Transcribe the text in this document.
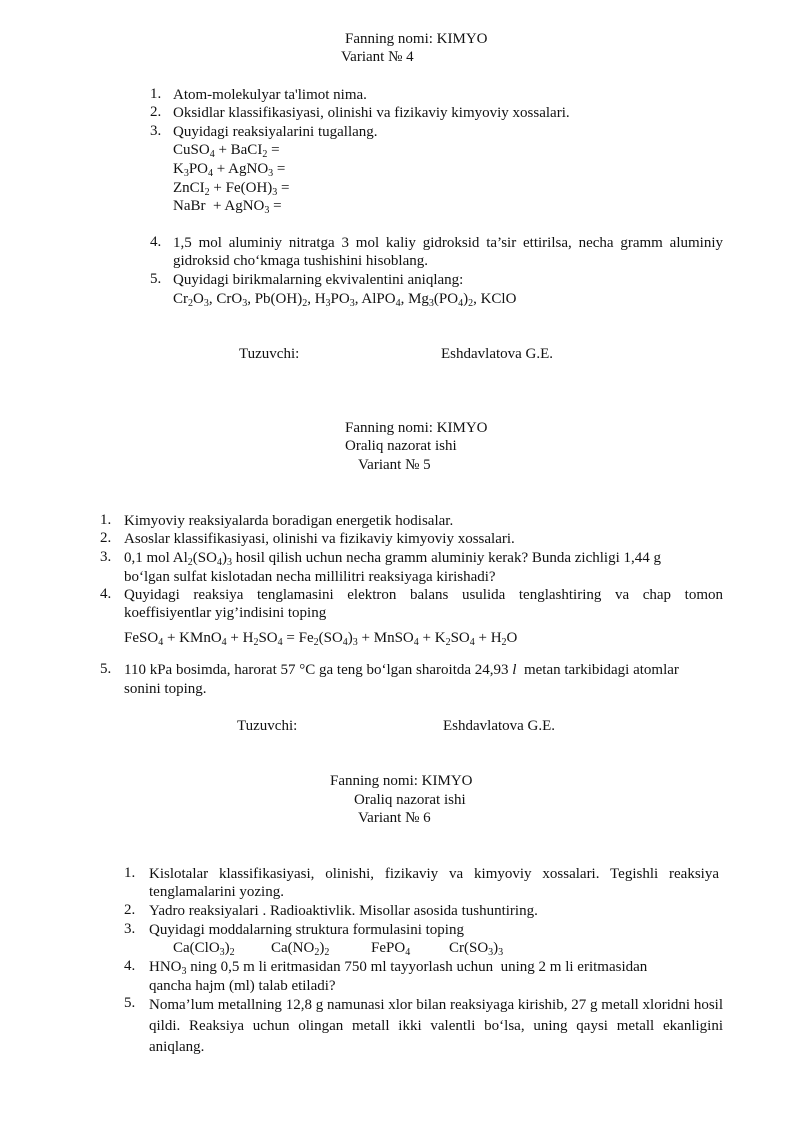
Fanning nomi: KIMYO
Variant № 4
1. Atom-molekulyar ta'limot nima.
2. Oksidlar klassifikasiyasi, olinishi va fizikaviy kimyoviy xossalari.
3. Quyidagi reaksiyalarini tugallang.
CuSO$_4$ + BaCI$_2$ =
$K_3PO_4$ + AgNO$_3$ =
ZnCI$_2$ + $Fe(OH)_3$ =
NaBr  + AgNO$_3$ =
4. 1,5 mol aluminiy nitratga 3 mol kaliy gidroksid ta’sir ettirilsa, necha gramm aluminiy gidroksid cho‘kmaga tushishini hisoblang.
5. Quyidagi birikmalarning ekvivalentini aniqlang:
$Cr_2O_3$, CrO$_3$, $Pb(OH)_2$, $H_3PO_3$, AlPO$_4$, $Mg_3(PO_4)_2$, KClO
Tuzuvchi:	Eshdavlatova G.E.
Fanning nomi: KIMYO
Oraliq nazorat ishi
Variant № 5
1. Kimyoviy reaksiyalarda boradigan energetik hodisalar.
2. Asoslar klassifikasiyasi, olinishi va fizikaviy kimyoviy xossalari.
3. 0,1 mol $Al_2(SO_4)_3$ hosil qilish uchun necha gramm aluminiy kerak? Bunda zichligi 1,44 g
bo‘lgan sulfat kislotadan necha millilitri reaksiyaga kirishadi?
4. Quyidagi reaksiya tenglamasini elektron balans usulida tenglashtiring va chap tomon koeffisiyentlar yig’indisini toping
FeSO$_4$ + KMnO$_4$ + $H_2SO_4 = Fe_2(SO_4)_3$ + MnSO$_4$ + $K_2SO_4 + H_2O$
5. 110 kPa bosimda, harorat 57 °C ga teng bo‘lgan sharoitda 24,93 l  metan tarkibidagi atomlar
sonini toping.
Tuzuvchi:	Eshdavlatova G.E.
Fanning nomi: KIMYO
Oraliq nazorat ishi
Variant № 6
1. Kislotalar klassifikasiyasi, olinishi, fizikaviy va kimyoviy xossalari. Tegishli reaksiya tenglamalarini yozing.
2. Yadro reaksiyalari . Radioaktivlik. Misollar asosida tushuntiring.
3. Quyidagi moddalarning struktura formulasini toping
$Ca(ClO_3)_2$ $Ca(NO_2)_2$	FePO$_4$	$Cr(SO_3)_3$
4. $HNO_3$ ning 0,5 m li eritmasidan 750 ml tayyorlash uchun  uning 2 m li eritmasidan
qancha hajm (ml) talab etiladi?
5. Noma’lum metallning 12,8 g namunasi xlor bilan reaksiyaga kirishib, 27 g metall xloridni hosil qildi. Reaksiya uchun olingan metall ikki valentli bo‘lsa, uning qaysi metall ekanligini aniqlang.
